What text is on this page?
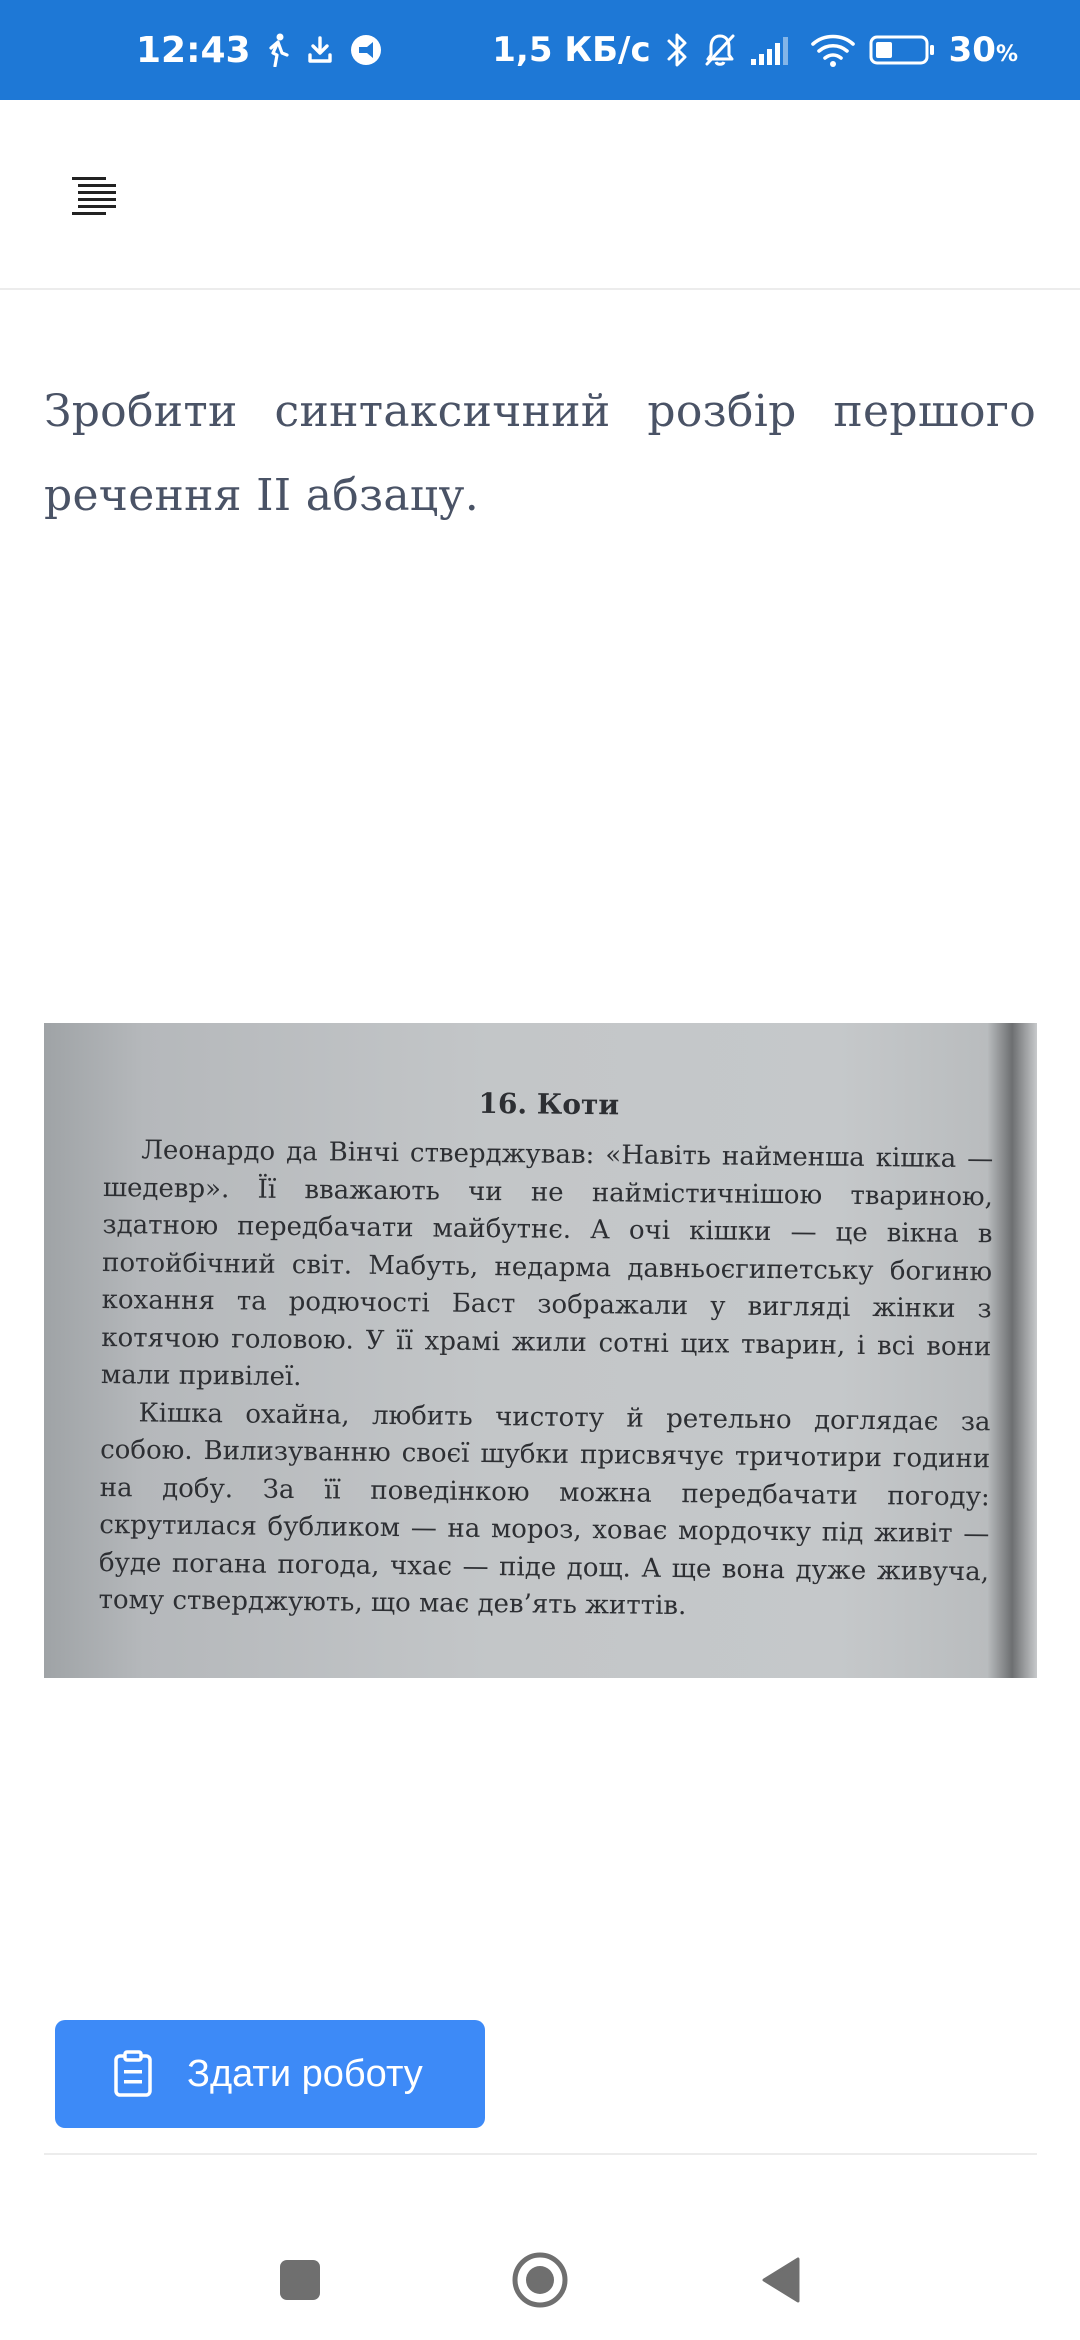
12:43	1,5 КБ/с	30%

Зробити синтаксичний розбір першого речення II абзацу.

16. Коти

Леонардо да Вінчі стверджував: «Навіть найменша кішка — шедевр». Її вважають чи не наймістичнішою твариною, здатною передбачати майбутнє. А очі кішки — це вікна в потойбічний світ. Мабуть, недарма давньоєгипетську богиню кохання та родючості Баст зображали у вигляді жінки з котячою головою. У її храмі жили сотні цих тварин, і всі вони мали привілеї.

Кішка охайна, любить чистоту й ретельно доглядає за собою. Вилизуванню своєї шубки присвячує тричотири години на добу. За її поведінкою можна передбачати погоду: скрутилася бубликом — на мороз, ховає мордочку під живіт — буде погана погода, чхає — піде дощ. А ще вона дуже живуча, тому стверджують, що має дев’ять життів.

Здати роботу
